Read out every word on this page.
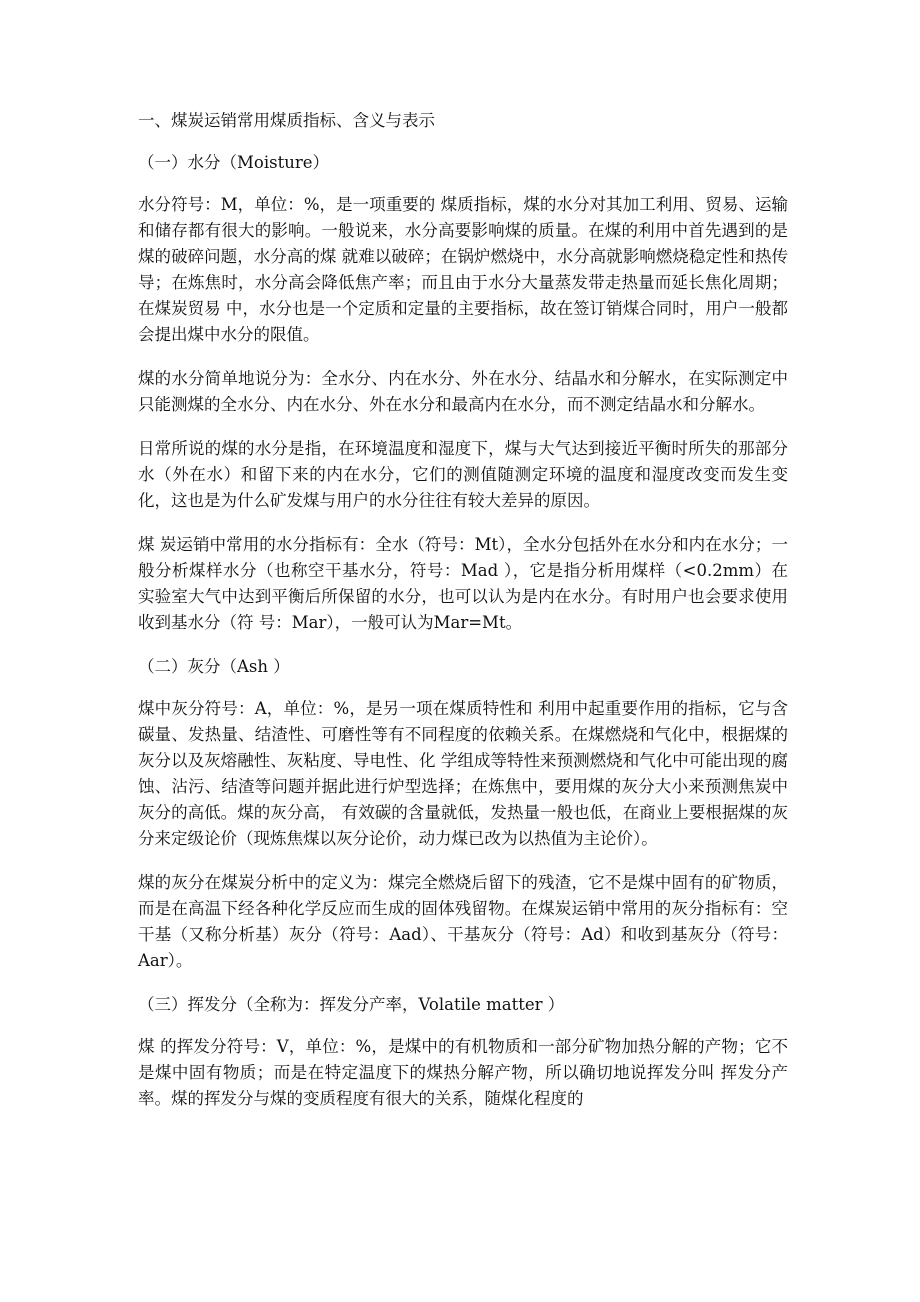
一、煤炭运销常用煤质指标、含义与表示

（一）水分（Moisture）

水分符号：M，单位：%，是一项重要的 煤质指标，煤的水分对其加工利用、贸易、运输和储存都有很大的影响。一般说来，水分高要影响煤的质量。在煤的利用中首先遇到的是煤的破碎问题，水分高的煤 就难以破碎；在锅炉燃烧中，水分高就影响燃烧稳定性和热传导；在炼焦时，水分高会降低焦产率；而且由于水分大量蒸发带走热量而延长焦化周期；在煤炭贸易 中，水分也是一个定质和定量的主要指标，故在签订销煤合同时，用户一般都会提出煤中水分的限值。

煤的水分简单地说分为：全水分、内在水分、外在水分、结晶水和分解水，在实际测定中只能测煤的全水分、内在水分、外在水分和最高内在水分，而不测定结晶水和分解水。

日常所说的煤的水分是指，在环境温度和湿度下，煤与大气达到接近平衡时所失的那部分水（外在水）和留下来的内在水分，它们的测值随测定环境的温度和湿度改变而发生变化，这也是为什么矿发煤与用户的水分往往有较大差异的原因。

煤 炭运销中常用的水分指标有：全水（符号：Mt），全水分包括外在水分和内在水分；一般分析煤样水分（也称空干基水分，符号：Mad ），它是指分析用煤样（<0.2mm）在实验室大气中达到平衡后所保留的水分，也可以认为是内在水分。有时用户也会要求使用收到基水分（符 号：Mar），一般可认为Mar=Mt。

（二）灰分（Ash ）

煤中灰分符号：A，单位：%，是另一项在煤质特性和 利用中起重要作用的指标，它与含碳量、发热量、结渣性、可磨性等有不同程度的依赖关系。在煤燃烧和气化中，根据煤的灰分以及灰熔融性、灰粘度、导电性、化 学组成等特性来预测燃烧和气化中可能出现的腐蚀、沾污、结渣等问题并据此进行炉型选择；在炼焦中，要用煤的灰分大小来预测焦炭中灰分的高低。煤的灰分高， 有效碳的含量就低，发热量一般也低，在商业上要根据煤的灰分来定级论价（现炼焦煤以灰分论价，动力煤已改为以热值为主论价）。

煤的灰分在煤炭分析中的定义为：煤完全燃烧后留下的残渣，它不是煤中固有的矿物质，而是在高温下经各种化学反应而生成的固体残留物。在煤炭运销中常用的灰分指标有：空干基（又称分析基）灰分（符号：Aad）、干基灰分（符号：Ad）和收到基灰分（符号：Aar）。

（三）挥发分（全称为：挥发分产率，Volatile matter ）

煤 的挥发分符号：V，单位：%，是煤中的有机物质和一部分矿物加热分解的产物；它不是煤中固有物质；而是在特定温度下的煤热分解产物，所以确切地说挥发分叫 挥发分产率。煤的挥发分与煤的变质程度有很大的关系，随煤化程度的
